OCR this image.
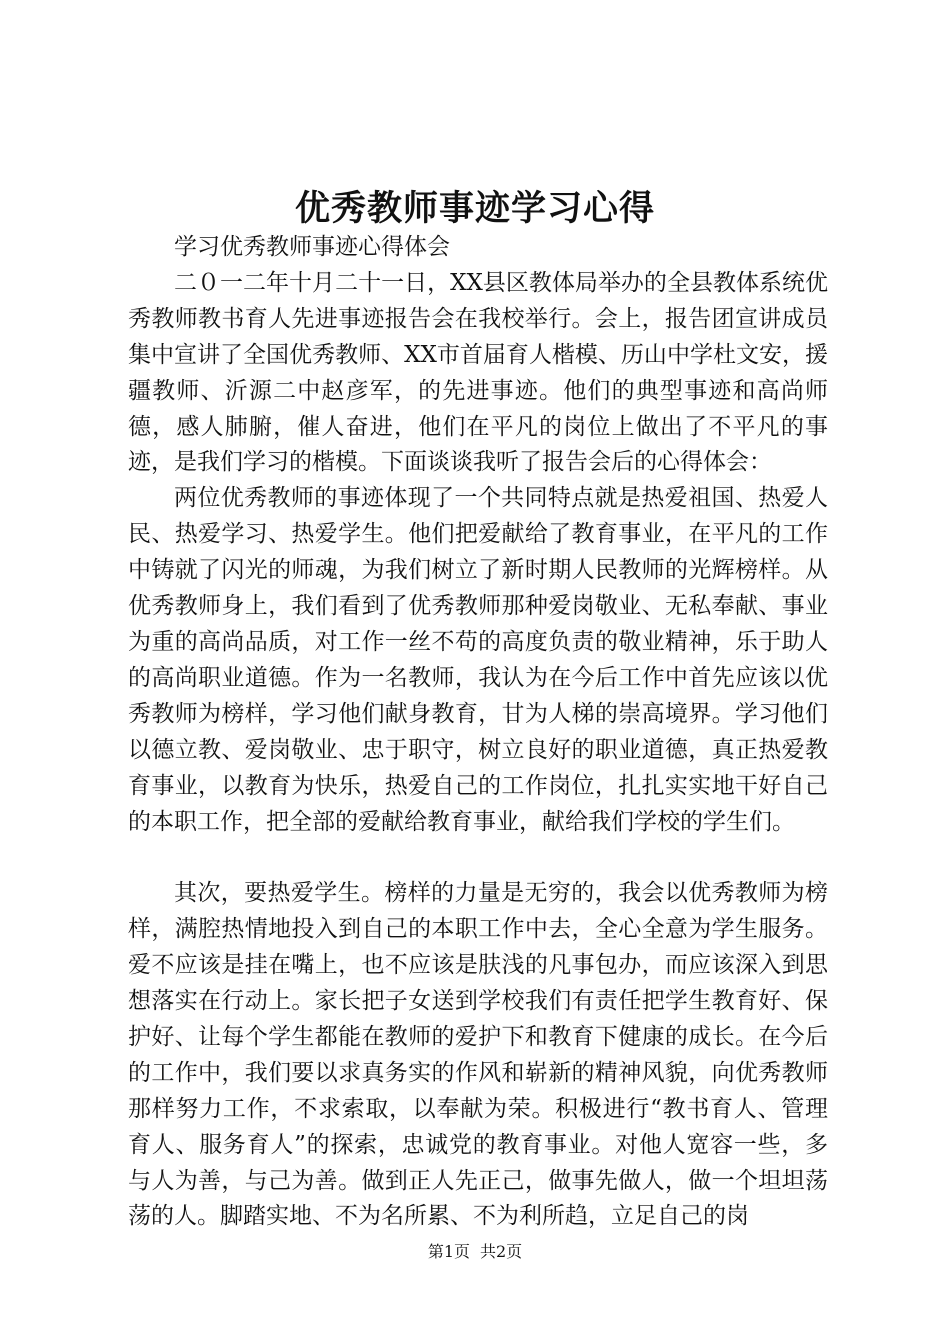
优秀教师事迹学习心得

学习优秀教师事迹心得体会

二０一二年十月二十一日，XX县区教体局举办的全县教体系统优秀教师教书育人先进事迹报告会在我校举行。会上，报告团宣讲成员集中宣讲了全国优秀教师、XX市首届育人楷模、历山中学杜文安，援疆教师、沂源二中赵彦军，的先进事迹。他们的典型事迹和高尚师德，感人肺腑，催人奋进，他们在平凡的岗位上做出了不平凡的事迹，是我们学习的楷模。下面谈谈我听了报告会后的心得体会：

两位优秀教师的事迹体现了一个共同特点就是热爱祖国、热爱人民、热爱学习、热爱学生。他们把爱献给了教育事业，在平凡的工作中铸就了闪光的师魂，为我们树立了新时期人民教师的光辉榜样。从优秀教师身上，我们看到了优秀教师那种爱岗敬业、无私奉献、事业为重的高尚品质，对工作一丝不苟的高度负责的敬业精神，乐于助人的高尚职业道德。作为一名教师，我认为在今后工作中首先应该以优秀教师为榜样，学习他们献身教育，甘为人梯的崇高境界。学习他们以德立教、爱岗敬业、忠于职守，树立良好的职业道德，真正热爱教育事业，以教育为快乐，热爱自己的工作岗位，扎扎实实地干好自己的本职工作，把全部的爱献给教育事业，献给我们学校的学生们。

其次，要热爱学生。榜样的力量是无穷的，我会以优秀教师为榜样，满腔热情地投入到自己的本职工作中去，全心全意为学生服务。爱不应该是挂在嘴上，也不应该是肤浅的凡事包办，而应该深入到思想落实在行动上。家长把子女送到学校我们有责任把学生教育好、保护好、让每个学生都能在教师的爱护下和教育下健康的成长。在今后的工作中，我们要以求真务实的作风和崭新的精神风貌，向优秀教师那样努力工作，不求索取，以奉献为荣。积极进行“教书育人、管理育人、服务育人”的探索，忠诚党的教育事业。对他人宽容一些，多与人为善，与己为善。做到正人先正己，做事先做人，做一个坦坦荡荡的人。脚踏实地、不为名所累、不为利所趋，立足自己的岗

第1页 共2页
